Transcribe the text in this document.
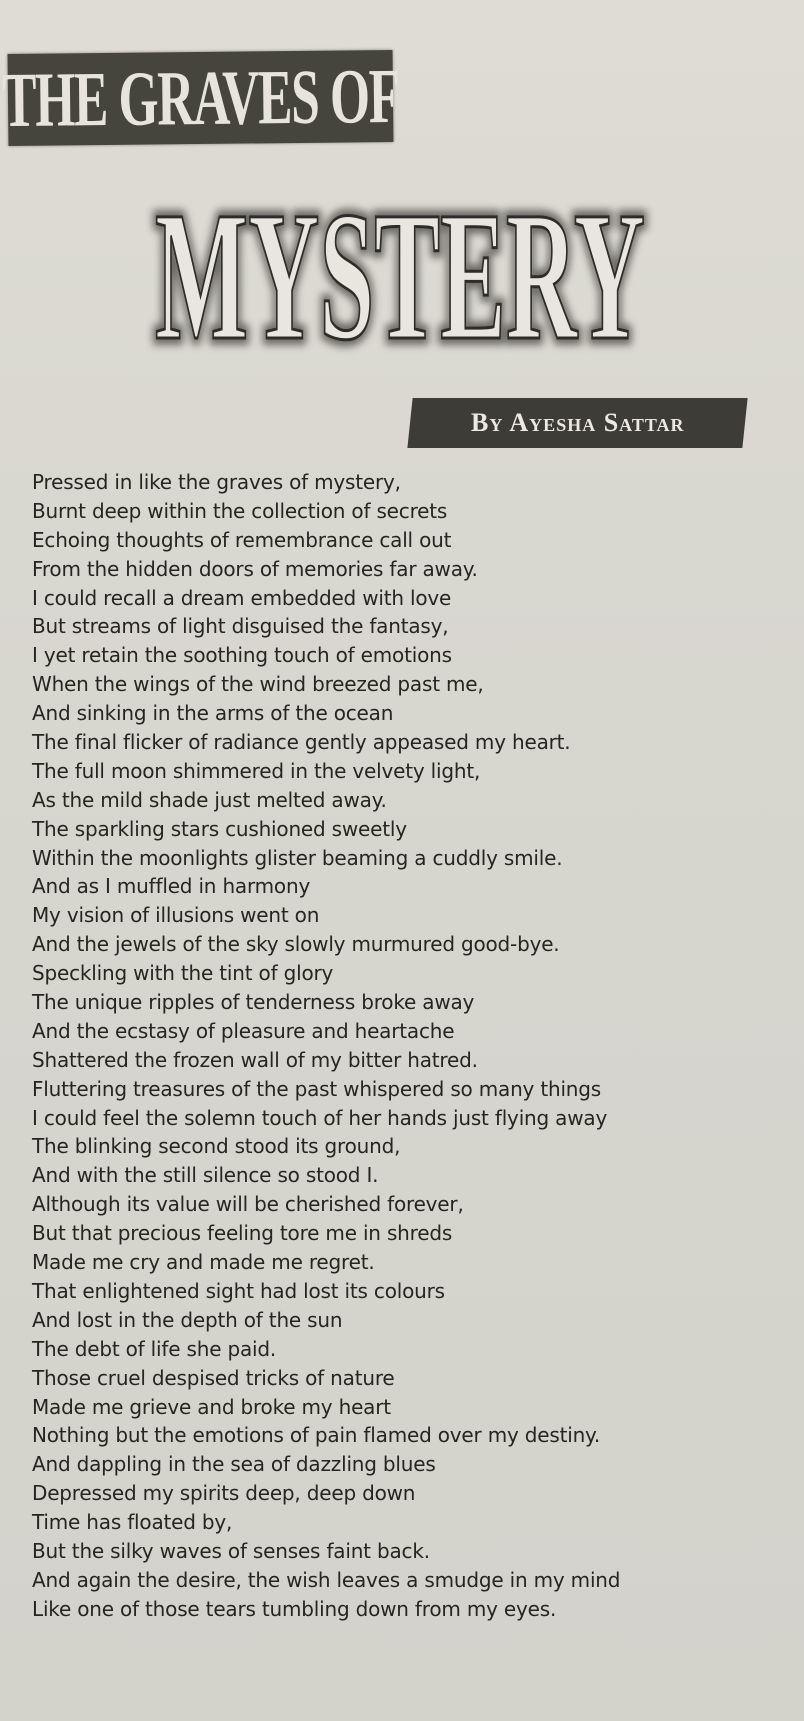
THE GRAVES OF
MYSTERY
MYSTERY
By Ayesha Sattar
Pressed in like the graves of mystery,
Burnt deep within the collection of secrets
Echoing thoughts of remembrance call out
From the hidden doors of memories far away.
I could recall a dream embedded with love
But streams of light disguised the fantasy,
I yet retain the soothing touch of emotions
When the wings of the wind breezed past me,
And sinking in the arms of the ocean
The final flicker of radiance gently appeased my heart.
The full moon shimmered in the velvety light,
As the mild shade just melted away.
The sparkling stars cushioned sweetly
Within the moonlights glister beaming a cuddly smile.
And as I muffled in harmony
My vision of illusions went on
And the jewels of the sky slowly murmured good-bye.
Speckling with the tint of glory
The unique ripples of tenderness broke away
And the ecstasy of pleasure and heartache
Shattered the frozen wall of my bitter hatred.
Fluttering treasures of the past whispered so many things
I could feel the solemn touch of her hands just flying away
The blinking second stood its ground,
And with the still silence so stood I.
Although its value will be cherished forever,
But that precious feeling tore me in shreds
Made me cry and made me regret.
That enlightened sight had lost its colours
And lost in the depth of the sun
The debt of life she paid.
Those cruel despised tricks of nature
Made me grieve and broke my heart
Nothing but the emotions of pain flamed over my destiny.
And dappling in the sea of dazzling blues
Depressed my spirits deep, deep down
Time has floated by,
But the silky waves of senses faint back.
And again the desire, the wish leaves a smudge in my mind
Like one of those tears tumbling down from my eyes.
